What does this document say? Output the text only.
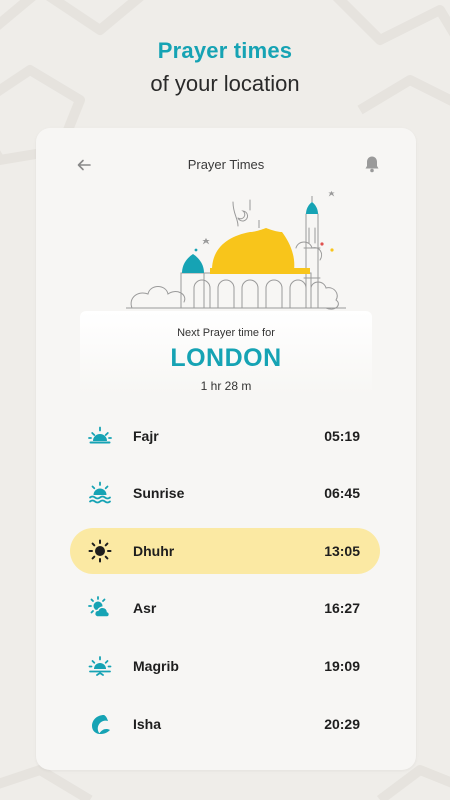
Prayer times
of your location
Prayer Times
Next Prayer time for
LONDON
1 hr 28 m
Fajr	05:19
Sunrise	06:45
Dhuhr	13:05
Asr	16:27
Magrib	19:09
Isha	20:29
